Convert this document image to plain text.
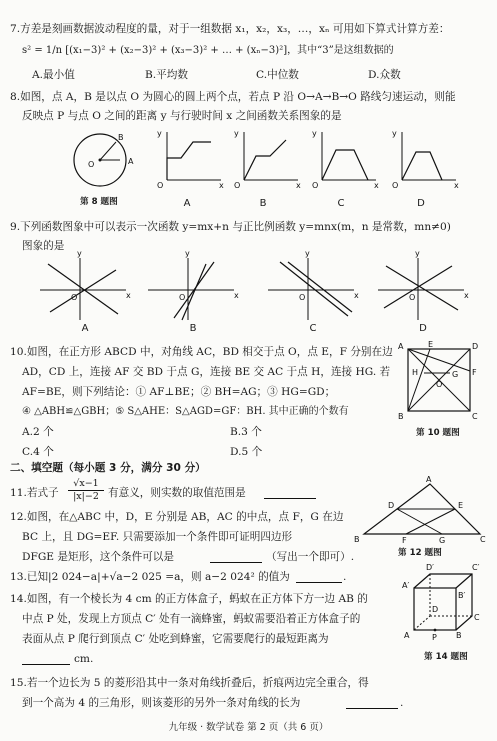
7.方差是刻画数据波动程度的量，对于一组数据 x₁，x₂，x₃，…，xₙ 可用如下算式计算方差：
s² = 1/n [(x₁−3)² + (x₂−3)² + (x₃−3)² + … + (xₙ−3)²]，其中“3”是这组数据的
A.最小值	B.平均数	C.中位数	D.众数
8.如图，点 A，B 是以点 O 为圆心的圆上两个点，若点 P 沿 O→A→B→O 路线匀速运动，则能
反映点 P 与点 O 之间的距离 y 与行驶时间 x 之间函数关系图象的是
O	A
B
第 8 题图
y
x
O
A
y
x
O
B
y
x
O
C
y
x
O
D
9.下列函数图象中可以表示一次函数 y=mx+n 与正比例函数 y=mnx(m，n 是常数，mn≠0)
图象的是
y
x
O
A
y
x
O
B
y
x
O
C
y
x
O
D
10.如图，在正方形 ABCD 中，对角线 AC，BD 相交于点 O，点 E，F 分别在边
AD，CD 上，连接 AF 交 BD 于点 G，连接 BE 交 AC 于点 H，连接 HG. 若
AF=BE，则下列结论：① AF⊥BE；② BH=AG；③ HG=GD；
④ △ABH≌△GBH；⑤ S△AHE：S△AGD=GF：BH. 其中正确的个数有
A.2 个	B.3 个
C.4 个	D.5 个
A	E	D
H	G F
O
B	C
第 10 题图
二、填空题（每小题 3 分，满分 30 分）
11.若式子 $\frac{√x-1}{|x|-2}$ 有意义，则实数的取值范围是
12.如图，在△ABC 中，D，E 分别是 AB，AC 的中点，点 F，G 在边
BC 上，且 DG=EF. 只需要添加一个条件即可证明四边形
DFGE 是矩形，这个条件可以是	（写出一个即可）.
A
D	E
B	F	G	C
第 12 题图
13.已知|2 024−a|+√a−2 025 =a，则 a−2 024² 的值为	.
14.如图，有一个棱长为 4 cm 的正方体盒子，蚂蚁在正方体下方一边 AB 的
中点 P 处，发现上方顶点 C′ 处有一滴蜂蜜，蚂蚁需要沿着正方体盒子的
表面从点 P 爬行到顶点 C′ 处吃到蜂蜜，它需要爬行的最短距离为
cm.
A′
D′	C′
B′
D
C
A	P B
第 14 题图
15.若一个边长为 5 的菱形沿其中一条对角线折叠后，折痕两边完全重合，得
到一个高为 4 的三角形，则该菱形的另外一条对角线的长为	.
九年级 · 数学试卷 第 2 页（共 6 页）
